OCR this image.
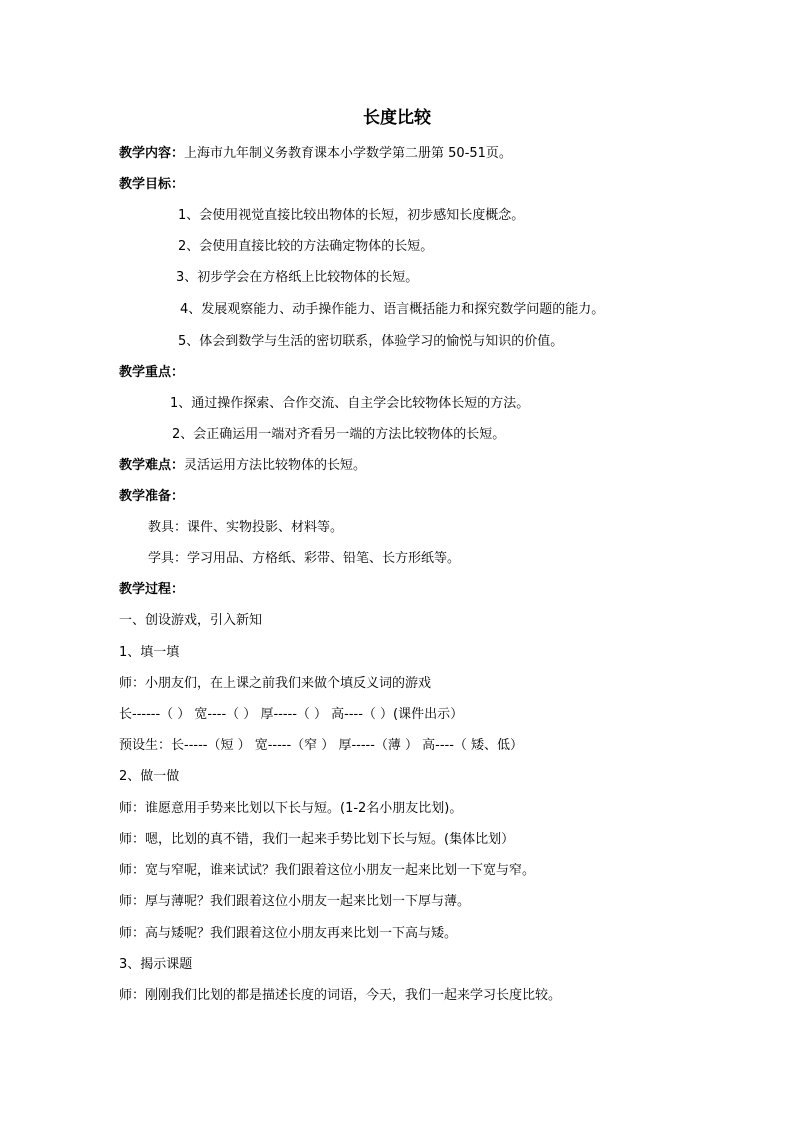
长度比较
教学内容：上海市九年制义务教育课本小学数学第二册第 50-51页。
教学目标：
1、会使用视觉直接比较出物体的长短，初步感知长度概念。
2、会使用直接比较的方法确定物体的长短。
3、初步学会在方格纸上比较物体的长短。
4、发展观察能力、动手操作能力、语言概括能力和探究数学问题的能力。
5、体会到数学与生活的密切联系，体验学习的愉悦与知识的价值。
教学重点：
1、通过操作探索、合作交流、自主学会比较物体长短的方法。
2、会正确运用一端对齐看另一端的方法比较物体的长短。
教学难点：灵活运用方法比较物体的长短。
教学准备：
教具：课件、实物投影、材料等。
学具：学习用品、方格纸、彩带、铅笔、长方形纸等。
教学过程：
一、创设游戏，引入新知
1、填一填
师：小朋友们，在上课之前我们来做个填反义词的游戏
长------（ ） 宽----（ ） 厚-----（ ） 高----（ ）(课件出示）
预设生：长-----（短 ） 宽-----（窄 ） 厚-----（薄 ） 高----（ 矮、低）
2、做一做
师：谁愿意用手势来比划以下长与短。(1-2名小朋友比划)。
师：嗯，比划的真不错，我们一起来手势比划下长与短。(集体比划）
师：宽与窄呢，谁来试试？我们跟着这位小朋友一起来比划一下宽与窄。
师：厚与薄呢？我们跟着这位小朋友一起来比划一下厚与薄。
师：高与矮呢？我们跟着这位小朋友再来比划一下高与矮。
3、揭示课题
师：刚刚我们比划的都是描述长度的词语，今天，我们一起来学习长度比较。
